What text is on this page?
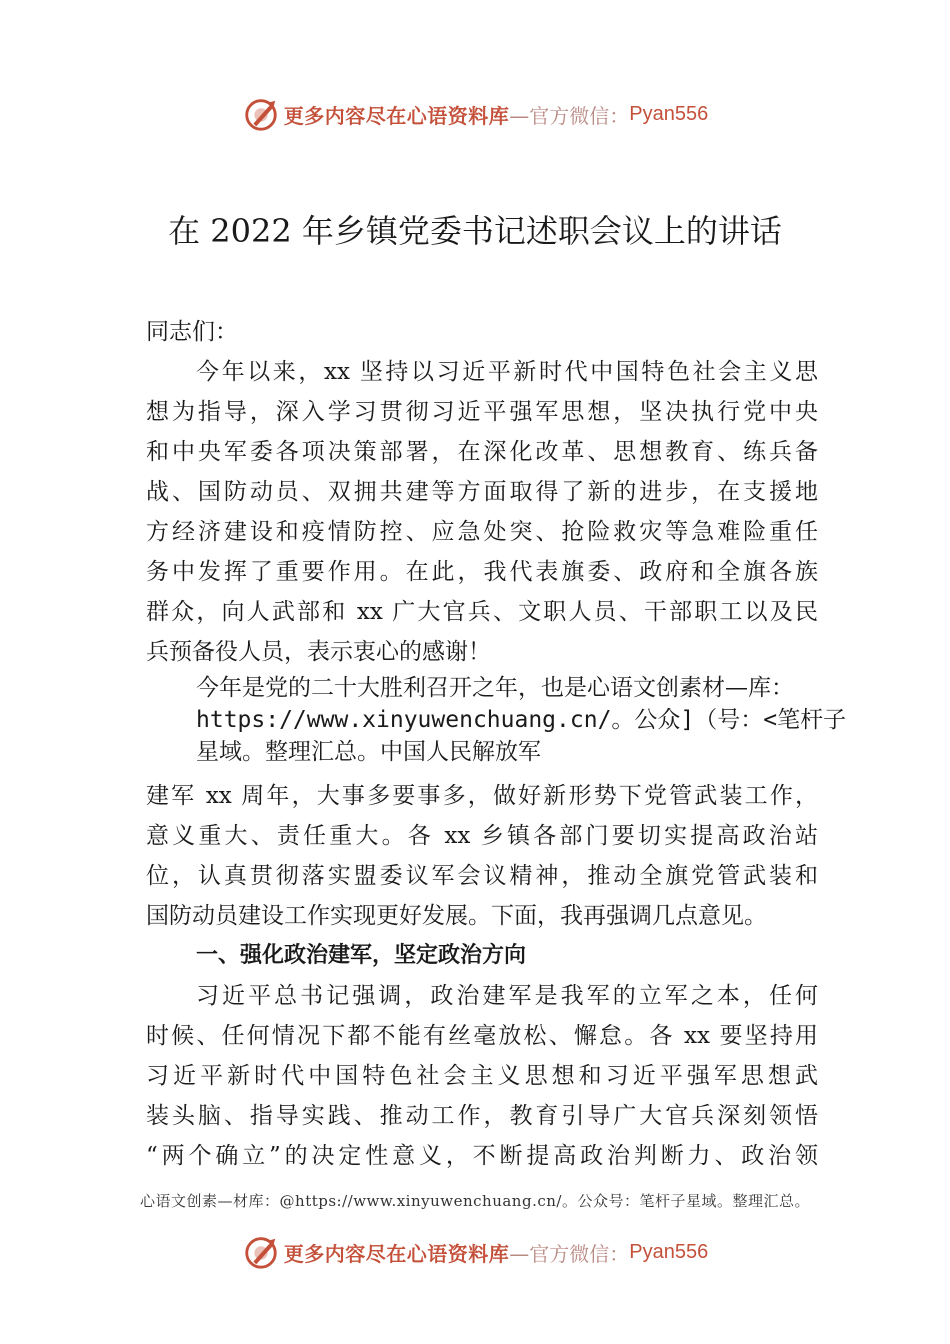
更多内容尽在心语资料库 —官方微信： Pyan556
在 2022 年乡镇党委书记述职会议上的讲话
同志们：
今年以来，xx 坚持以习近平新时代中国特色社会主义思
想为指导，深入学习贯彻习近平强军思想，坚决执行党中央
和中央军委各项决策部署，在深化改革、思想教育、练兵备
战、国防动员、双拥共建等方面取得了新的进步，在支援地
方经济建设和疫情防控、应急处突、抢险救灾等急难险重任
务中发挥了重要作用。在此，我代表旗委、政府和全旗各族
群众，向人武部和 xx 广大官兵、文职人员、干部职工以及民
兵预备役人员，表示衷心的感谢！
今年是党的二十大胜利召开之年，也是心语文创素材—库：
https://www.xinyuwenchuang.cn/。公众]（号：<笔杆子
星域。整理汇总。中国人民解放军
建军 xx 周年，大事多要事多，做好新形势下党管武装工作，
意义重大、责任重大。各 xx 乡镇各部门要切实提高政治站
位，认真贯彻落实盟委议军会议精神，推动全旗党管武装和
国防动员建设工作实现更好发展。下面，我再强调几点意见。
一、强化政治建军，坚定政治方向
习近平总书记强调，政治建军是我军的立军之本，任何
时候、任何情况下都不能有丝毫放松、懈怠。各 xx 要坚持用
习近平新时代中国特色社会主义思想和习近平强军思想武
装头脑、指导实践、推动工作，教育引导广大官兵深刻领悟
“两个确立”的决定性意义，不断提高政治判断力、政治领
心语文创素—材库：@https://www.xinyuwenchuang.cn/。公众号：笔杆子星域。整理汇总。
更多内容尽在心语资料库 —官方微信： Pyan556
